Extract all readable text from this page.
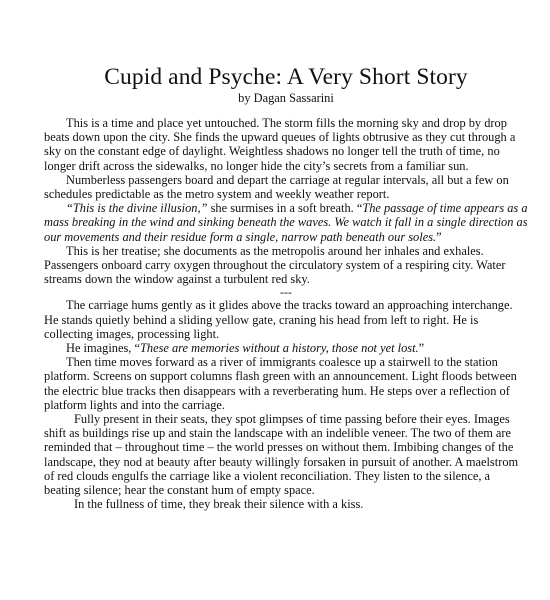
Cupid and Psyche: A Very Short Story
by Dagan Sassarini

This is a time and place yet untouched. The storm fills the morning sky and drop by drop beats down upon the city. She finds the upward queues of lights obtrusive as they cut through a sky on the constant edge of daylight. Weightless shadows no longer tell the truth of time, no longer drift across the sidewalks, no longer hide the city’s secrets from a familiar sun.

Numberless passengers board and depart the carriage at regular intervals, all but a few on schedules predictable as the metro system and weekly weather report.

“This is the divine illusion,” she surmises in a soft breath. “The passage of time appears as a mass breaking in the wind and sinking beneath the waves. We watch it fall in a single direction as our movements and their residue form a single, narrow path beneath our soles.”

This is her treatise; she documents as the metropolis around her inhales and exhales. Passengers onboard carry oxygen throughout the circulatory system of a respiring city. Water streams down the window against a turbulent red sky.

---

The carriage hums gently as it glides above the tracks toward an approaching interchange. He stands quietly behind a sliding yellow gate, craning his head from left to right. He is collecting images, processing light.

He imagines, “These are memories without a history, those not yet lost.”

Then time moves forward as a river of immigrants coalesce up a stairwell to the station platform. Screens on support columns flash green with an announcement. Light floods between the electric blue tracks then disappears with a reverberating hum. He steps over a reflection of platform lights and into the carriage.

Fully present in their seats, they spot glimpses of time passing before their eyes. Images shift as buildings rise up and stain the landscape with an indelible veneer. The two of them are reminded that – throughout time – the world presses on without them. Imbibing changes of the landscape, they nod at beauty after beauty willingly forsaken in pursuit of another. A maelstrom of red clouds engulfs the carriage like a violent reconciliation. They listen to the silence, a beating silence; hear the constant hum of empty space.

In the fullness of time, they break their silence with a kiss.
